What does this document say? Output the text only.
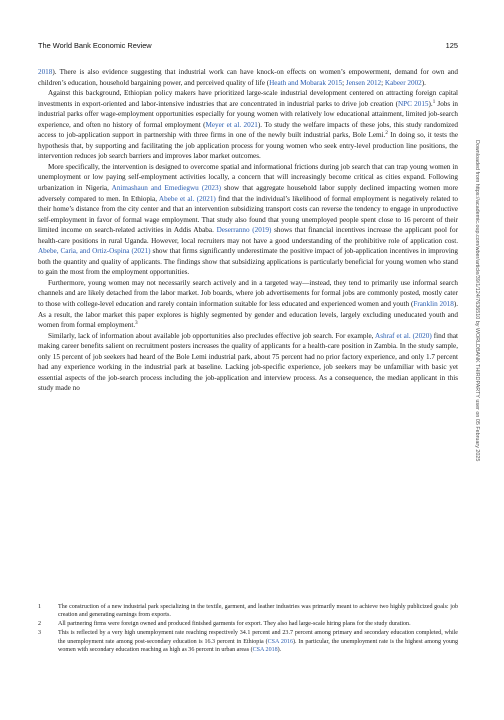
The World Bank Economic Review	125

2018). There is also evidence suggesting that industrial work can have knock-on effects on women’s empowerment, demand for own and children’s education, household bargaining power, and perceived quality of life (Heath and Mobarak 2015; Jensen 2012; Kabeer 2002).

Against this background, Ethiopian policy makers have prioritized large-scale industrial development centered on attracting foreign capital investments in export-oriented and labor-intensive industries that are concentrated in industrial parks to drive job creation (NPC 2015).$^1$ Jobs in industrial parks offer wage-employment opportunities especially for young women with relatively low educational attainment, limited job-search experience, and often no history of formal employment (Meyer et al. 2021). To study the welfare impacts of these jobs, this study randomized access to job-application support in partnership with three firms in one of the newly built industrial parks, Bole Lemi.$^2$ In doing so, it tests the hypothesis that, by supporting and facilitating the job application process for young women who seek entry-level production line positions, the intervention reduces job search barriers and improves labor market outcomes.

More specifically, the intervention is designed to overcome spatial and informational frictions during job search that can trap young women in unemployment or low paying self-employment activities locally, a concern that will increasingly become critical as cities expand. Following urbanization in Nigeria, Animashaun and Emediegwu (2023) show that aggregate household labor supply declined impacting women more adversely compared to men. In Ethiopia, Abebe et al. (2021) find that the individual’s likelihood of formal employment is negatively related to their home’s distance from the city center and that an intervention subsidizing transport costs can reverse the tendency to engage in unproductive self-employment in favor of formal wage employment. That study also found that young unemployed people spent close to 16 percent of their limited income on search-related activities in Addis Ababa. Deserranno (2019) shows that financial incentives increase the applicant pool for health-care positions in rural Uganda. However, local recruiters may not have a good understanding of the prohibitive role of application cost. Abebe, Caria, and Ortiz-Ospina (2021) show that firms significantly underestimate the positive impact of job-application incentives in improving both the quantity and quality of applicants. The findings show that subsidizing applications is particularly beneficial for young women who stand to gain the most from the employment opportunities.

Furthermore, young women may not necessarily search actively and in a targeted way—instead, they tend to primarily use informal search channels and are likely detached from the labor market. Job boards, where job advertisements for formal jobs are commonly posted, mostly cater to those with college-level education and rarely contain information suitable for less educated and experienced women and youth (Franklin 2018). As a result, the labor market this paper explores is highly segmented by gender and education levels, largely excluding uneducated youth and women from formal employment.$^3$

Similarly, lack of information about available job opportunities also precludes effective job search. For example, Ashraf et al. (2020) find that making career benefits salient on recruitment posters increases the quality of applicants for a health-care position in Zambia. In the study sample, only 15 percent of job seekers had heard of the Bole Lemi industrial park, about 75 percent had no prior factory experience, and only 1.7 percent had any experience working in the industrial park at baseline. Lacking job-specific experience, job seekers may be unfamiliar with basic yet essential aspects of the job-search process including the job-application and interview process. As a consequence, the median applicant in this study made no

1	The construction of a new industrial park specializing in the textile, garment, and leather industries was primarily meant to achieve two highly publicized goals: job creation and generating earnings from exports.
2	All partnering firms were foreign owned and produced finished garments for export. They also had large-scale hiring plans for the study duration.
3	This is reflected by a very high unemployment rate reaching respectively 34.1 percent and 23.7 percent among primary and secondary education completed, while the unemployment rate among post-secondary education is 16.3 percent in Ethiopia (CSA 2016). In particular, the unemployment rate is the highest among young women with secondary education reaching as high as 36 percent in urban areas (CSA 2018).
Downloaded from https://academic.oup.com/wber/article/39/1/124/7636510 by WORLDBANK THIRDPARTY user on 05 February 2025
